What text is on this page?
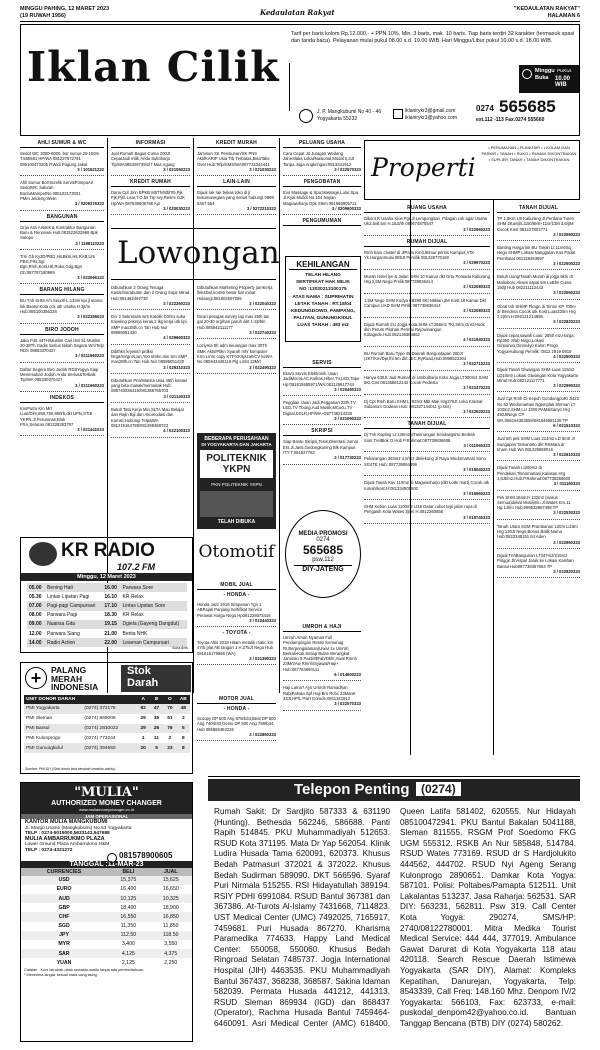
MINGGU PAHING, 12 MARET 2023
(19 RUWAH 1956)	Kedaulatan Rakyat	"KEDAULATAN RAKYAT"
HALAMAN 6
Iklan Cilik
Tarif per baris kolom Rp.12.000,- + PPN 10%. Min. 3 baris, mak. 10 baris. Tiap baris terdiri 32 karakter (termasuk spasi dan tanda baca). Pelayanan mulai pukul 08.00 s.d. 19.00 WIB. Hari Minggu/Libur pukul 10.00 s.d. 18.00 WIB.
J. P. Mangkubumi No 40 - 46 Yogyakarta 55232
iklanirykr3@gmail.com
iklanirykr3@yahoo.com
0274 565685
ext.112 -113 Fax.0274 555660
Minggu
Buka
PUKUL
10.00 WIB
AHLI SUMUR & WC
Sedot WC 3000-6000. bor sumur 20-150m T.580591 HP/WA 081227572791 085100473205 P.Widi Pogung Jakal
3 / 101521222
Ahli Sumur Bor!Sumlik ServisPompaAir SedotWC Saluran BuntuMampetNo.085102173001 PMm.Jeldeng Wetn
3 / 0209376323
BANGUNAN
Grija Asri Arsitek & Kontraktor Bangunan Baru & Renovasi Hub.081522622969 Bpk Sutopo
3 / 1188110223
Trm Gb Ky3D/PBG,Hit.Bkm,Hit.RAB;Urs PBG,Plrs,Sgl Bgn,Rmh,Kost,Htl,Ruko,Gdg,Bgn Gb:087787180969
3 / 022066122
BARANG HILANG
BU Tnh SHM A/n.Sendri L.133m kpi jl utama lok.Bantul Kota cck utk Usaha H.3jt/m Hub:085100356228
3 / 022155023
BIRO JODOH
Jaka P45 44TH/Muslim Cari Istri 51 Muslim 30-38Th Gadis Serius Nikah Segera WA/Telp RDS 08853370427
3 / 0211660223
Daftar Segera Biro Jodoh RDSYogya Siap Menemukan Jodoh Anda Serius&Terbaik Tlp/WA 085330370427
3 / 0211660223
INDEKOS
KosPutra Km Mrt Luar/Dlm,550,750,850rb,dkt UPN,STIE YKPN,Jl.Perumnas,Blok PSA,Seturan,081328283797
3 / 021441023
INFORMASI
Jual Rumah Bagus Cuma 200Jt CepatJadi milik Anda Sukoharjo Tlp/WA085326739427 Mas Agung
3 / 021060223
KREDIT RUMAH
Dana Cpt Jmn BPKB MtrTh/Mbl'05,Pjk Pjk,Pjsl. Lsar,T.O.bs Trp svy,Resmi OJK Hp/WA 087838609788 Ajo
3 / 020030223
KREDIT MURAH
Jaminan SK Pensiunan/SK PNS AktifKARIP Usia Trb Terbatas,BisaTake Over Hub:Telp/SMS/WA087734344441
3 / 021030223
LAIN-LAIN
Dijual rak rak bekas toko di jl kusumanegara yang serius hubungi 0899 5457 554
3 / 0272210323
PELUANG USAHA
Cara Cepat Jd Juragan Wedang JaheSlaka Lokal/Nasional,Modal 2,3Jt Tanpa Juga Angkringan:0813341912
3 / 022570323
PENGOBATAN
Evo Massage & Spa;Massage,Lulur,Spa. Jl.Kyai Mufidi No.104 Nayan Maguwoharjo Dpk Stem 081566905711
3 / 0209600323
PENGUMUMAN
Lowongan
Dibutuhkan 2 Orang Tenaga Kasar/Serabutan dan 2 Orang Sopir Minat Hub:081382492730
3 / 022260223
Dcr 2 Sekretaris wnt Katolik D3/S1 suka traveling pekerja keras,2 lkg kerja utk kpi SMP max28th,cn Tan Hub Nur 08995051430
4 / 029660323
Dibthkn krywnt/i prdksi fsrg&Yorgnrs,wn,Yoo srtrkn,min Sm SMP max28th,cn Tan Hub Nur 08995051430
3 / 029310323
Dibutuhkan Pria/Wanita Usia 45th keatas yang bisa masak/memasak Hub: 085743036415/081388765703
3 / 021140323
Butuh Tata Kerja Min SLTA Mau Belajar dan Rajin Biji dan Akomodasi dan Komisi.Hubungi Telp&WA 081219164799/081269368723
4 / 022100323
Dibutuhkan Marketing Property jamKerja fleksibel,komisi besar bar minat Hubungi:081802597255
3 / 022040323
Dicari petugas survey lap max 25th tan gat 20-30 org/hari paruh wkt 1-2jt/bln Hub:085842111177
3 / 022740323
Loziyma tth adm keuangan max 30Th SMK Akts/Pbkn Syarah mhr komputer Krm Lmrn copy KTP,KK/Ijazah/CV keWA No 085943446116 Plg Lmbt 13Mrt
3 / 022490323
BEBERAPA PERUSAHAAN
DI YOGYAKARTA DAN JAKARTA
POLITEKNIK YKPN
PKN POLITEKNIK YKPN
TELAH DIBUKA
Otomotif
MOBIL JUAL
- HONDA -
Honda Jazz 2019 Simpanan Tgn 1 ABPajak Panjang Sertifikat Service Perawat Harga Nego.Hp081228673416
3 / 022440323
- TOYOTA -
Toyota Altis 2018 Hitam metalik matic km 47rb plat AB tangan 1 H.275Jt Nego Hub 081616179866 (WA)
3 / 021390323
KEHILANGAN
TELAH HILANG
SERTIFIKAT HAK MILIK
NO :13020213100175
ATAS NAMA : SUPRIHATIN
LETAK TANAH : RT.18/04
KEDUNGDOWO, PAMPANG,
PALIYAN, GUNUNGKIDUL
LUAS TANAH : 483 m2
SERVIS
Bravo Servis Elektronik !Juan JadiMocoLAC,Kulkas,Hiber,TV,LED,Tape Hp:081915555971/WA:081126617744
3 / 020450323
Pegglian !Juan Jadi,Pegganan 23th,TV LED,TV Tbung,Aud Musik,MCucu,TV Digital,DSLR,HP/WA+087738214225
3 / 021090323
SKRIPSI
Siap Bantu Skripsi,Tesis,Disertasi Jurnal Ers Jl.Janti,Gedongkuning Blk Kampus ITY T.081627763
3 / 017730223
MEDIA PROMOSI
0274
565685
psw.112
DIY-JATENG
UMROH & HAJI
Umroh Aman Nyaman Full Pendampingan Resmi Kemenag RI,Berpengalaman(Uwar 1x Umroh Berkali-Kali.Setiap Bulan Berangkat Jaminan 5 Pasti!!$Fab/Dkh/,Awal Rmnh 23Mrt/Aw Rmnh/Syawal/Haji+ Hub:087784690111
6 / 014600223
Haji Lama? Ayo Umroh Ramadhan RabiPahala Spf Haji Brn Rcbc 23Maret 33Jt,HP/L Pwrt Gorude,0811341912
3 / 022570323
Properti
• PERUMAHAN • PLANGSIR • • KOLAM DAN PARKIR • TANAH • RUKO • RUMAH DIKONTRAKAN • SUPLIER TANAH • TANAH DIKONTRAKAN
RUANG USAHA
Dikont R Usaha Kios Pgr Jl.Lempongsari, Pdagan,cok agar Usaha Uk3,5x6,5m H.15Jt/th 089674875547
3 / 022560223
RUMAH DIJUAL
Rmh baru cluster di JlParis Km4,5timur persis Kampus ATK Yk.Harganmulai 685Jt Pemilik 081328770160
3 / 029970223
Murah Hotel lyn & Jalan SHM 10 Kamar dkt Grta Persada Kaliurang Hrg 2,5M Nego.Pmlik:087739836414
3 / 022080323
1,5M Nego SHM Kodya LB290 6Kt Ntiklan,2M Kost 18 Kamar Dkt Campus UAD SHM Pmlik 087738636414
3 / 022080323
Dijual Rumah 2Lt Jogja Kota,SHM LT:268m2 7Kt,3Km,Gnsl,Hook dkn Perum Pilahan Permai Rejowinangun Kotagede.Hub:082136384662
4 / 021540323
BU Rumah Baru Type 45 Daerah Banguntapan 260Jt (2KT/Km/Dpr,lht 5m dkt JEC,RyRoad,Hub:0898522304
3 / 022710223
Hanya 630Jt Jual Rumah di Umbulharjo Kota Jogja LT300m2 SHM 5Kt,Gns 081358812242 Cocok Pedesta
3 / 022470223
Dj Cpt Rmh Baru SHM Lt:92m2 Mbl Mak Hrg376Jt Loka Kramat Sidoarum Godean Hub: 081327144011 (p.sris)
3 / 022620223
TANAH DIJUAL
Dj Tnh Kapling Lt:130m2 dTamnungan Sendangtirto Berbah Sinn,TrelBlok O.Hub P.Rahmat:087739836608
3 / 011060323
Pekarangan 363m2 4,8/m2 dtelekung Jl Raya Wedomartani Sono SG4TE Hub: 087739064399
3 / 015040223
Dijual Tanah Kav 110m2 di Maguwoharjo (dkt Lotte mart),Cocok utk rumah/kost,H:081334905500
3 / 016960223
SHM Kebon Luas 1100m2 Lt16 Datar cuber tepi jalan raya di Pengasih Kota Wates 3jt/m H.0812260858
3 / 019740323
TANAH DIJUAL
TP 1,5Km UII Kaliurang Jl.Perdana Turen SHM 2Kav@Lt150/6Mr+11sr/13M 3,6/jtM Cocok Kost 081227801771
3 / 022590223
Banting Harga lim BU Tanah Lt:11m6Sq Nego SHMP Lokasi Nanggulan Kos Padat Pembutat 081328353697
3 / 022500223
Butuh Uang!Tanah Murah di jogja 9km dr Malioboro,Akses aspal 5m LeBlm Cuma 150jt Hub 082211112443
3 / 022550223
Obral tnh SHMP Pkngn di Tenon KP 700m dr Bendera Cocok utk Kost Luas325m Hrg 2,2jt/m,H:082121214855
3 / 022820223
Dijual cepat,sawah Luas: 2850 m2,Harga: Rp350 Jt/ab Nego,Lokasi Giripurwo,Girimulyo Kulon Progo YogyaHubungi Pemilik: 0812 2919 0918
4 / 022500323
Dijual Tanah Giwangan SHM Luas 115m2 LD10mtr Lokasi Giwangan Kota Yogyakarta Minat Hub:082121117771
3 / 022990323
Jual Cpt Rmh Di Kepuh GondangpuRi Jl423 No 62 Wedomartani Ngemplak Sleman LT 103m2,SHM,LU 1300 PAM&Sanyo Hrg 450JtNego CP WA:085154353559/081646581126 TP
6 / 021510323
Jual tnh pek SHM Luas 214m2 LD 8mtr Jl Sungapan Tamantirto dkt RSMata dr Imam.Hub WA 081329659016
3 / 022610323
Dijual Tanah Lt200m2 di Pendekan,Titinomartani,Kalasan.Hrg 1,6Jt/m2.Hub:P.Rahmat:087738356600
3 / 011160323
Pek SHM 184m2+132m2 (Harus Semua)dekat Musilimin Jl.Wates Km.11 Hg:1Jt/m Hub:089532867458 TP
3 / 022530323
Tanah Utara SGM Prambanan 120m Ld:8m Hrg:130Jt Nego,Bonus Balik Nama Hub:0822348151 64 Aden
3 / 022960323
Dijual TnhBangunan LT347m2/215m2 Pinggir JlnAspal Jarak ke Lokasi Kasihan Bantul Hub087738367664 TP
3 / 022920323
KR RADIO
107.2 FM
Minggu, 12 Maret 2023
05.00	Bening Hati	16.00	Parwara Sore
05.30	Lintas Lipstan Pagi	16.10	KR Relax
07.00	Pagi-pagi Campursari	17.10	Lintas Lipstan Sore
08.00	Parwara Pagi	18.30	KR Relax
09.00	Nuansa Gita	19.15	Dgiela (Gayeng Dangdut)
12.00	Parwara Siang	21.00	Berita NHK
14.00	Radio Action	22.00	Lesenan Campursari
Suba Artis
+	PALANG
MERAH
INDONESIA
Stok
Darah
UNIT DONOR DARAH		A	B	O	AB
PMI Yogyakarta	(0274) 372176	82	47	70	48
PMI Sleman	(0274) 869009	29	35	51	2
PMI Bantul	(0274) 2810022	29	26	76	5
PMI Kulonprogo	(0274) 773244	1	11	2	8
PMI Gunungkidul	(0274) 394550	20	5	23	8
Sumber: PMI DIY (Stok darah bisa berubah sewaktu-waktu).
"MULIA"
AUTHORIZED MONEY CHANGER
www.muliamoneychanger.co.id
JAM OPERASIONAL
KANTOR MULIA MANGKUBUMI
Jl. Margo Utomo (Mangkubumi) No.53 Yogyakarta
TELP : 0274-5015000,5633143,547688
MULIA AMBARRUKMO PLAZA
Lower Ground Plaza Ambarrukmo H&M
TELP : 0274-4331272
081578900605
TANGGAL :11-MAR-23
CURRENCIES	BELI	JUAL
USD	15,375	15,625
EURO	16,400	16,650
AUD	10,125	10,325
GBP	18,400	18,900
CHF	16,550	16,850
SGD	11,350	11,850
JPY	112.50	118.50
MYR	3,400	3,550
SAR	4,125	4,375
YUAN	2,125	2,250
Catatan : Kurs berubah-ubah sewaktu-waktu tanpa ada pemberitahuan
* Menerima langsir sesuai mata uang asing
MOTOR JUAL
- HONDA -
Scoopy DP 500 Ang 875rb34,Beat DP 500 Ang 740rb33,Genio DP 500 Ang 788rb34 Hub 085866453226
3 / 022860323
Telepon Penting (0274)
Rumah Sakit: Dr Sardjito 587333 & 631190 (Hunting). Bethesda 562246, 586688. Panti Rapih 514845. PKU Muhammadiyah 512653. RSUD Kota 371195. Mata Dr Yap 562054. Klinik Ludira Husada Tama 620091, 620373. Khusus Bedah Patmasuri 372021 & 372022. Khusus Bedah Sudirman 589090. DKT 566596. Syaraf Puri Nirmala 515255. RSI Hidayatullah 389194. RSIY PDHI 6991084. RSUD Bantul 367381 dan 367386. At-Turots Al-Islamy 7431668, 7114823. UST Medical Center (UMC) 7492025, 7165917, 7459681. Puri Husada 867270. Kharisma Paramedika 774633. Happy Land Medical Center: 550058, 550060. Khusus Bedah Ringroad Selatan 7485737. Jogja International Hospital (JIH) 4463535. PKU Muhammadiyah Bantul 367437, 368238, 368587. Sakina Idaman 582039. Permata Husada 441212, 441313. RSUD Sleman 869934 (IGD) dan 868437 (Operator), Rachma Husada Bantul 7459464-6460091. Asri Medical Center (AMC) 618400. Queen Latifa 581402, 620555. Nur Hidayah 085100472941. PKU Bantul Bakalan 5041188, Sleman 811555. RSGM Prof Soedomo FKG UGM 555312. RSKB An Nur 585848, 514784. RSUD Wates 773169. RSUD dr S Hardjolukito 444562, 444702. RSUD Nyi Ageng Serang Kulonprogo 2890651. Damkar Kota Yogya: 587101. Polisi: Poltabes/Pamapta 512511. Unit Lakalantas 513237. Jasa Raharja: 562531. SAR DIY: 563231, 562811. Psw 319. Call Center Kota Yogya: 290274, SMS/HP: 2740/08122780001. Mitra Medika Tourist Medical Service: 444 444, 377019. Ambulance Gawat Darurat di Kota Yogyakarta 118 atau 420118. Search Rescue Daerah Istimewa Yogyakarta (SAR DIY), Alamat: Kompleks Kepatihan, Danurejan, Yogyakarta, Telp: 8543339, Call Freq: 148.160 Mhz. Denpom IV/2 Yogyakarta: 566103, Fax: 623733, e-mail: puskodal_denpom42@yahoo.co.id. Bantuan Tanggap Bencana (BTB) DIY (0274) 580262.
